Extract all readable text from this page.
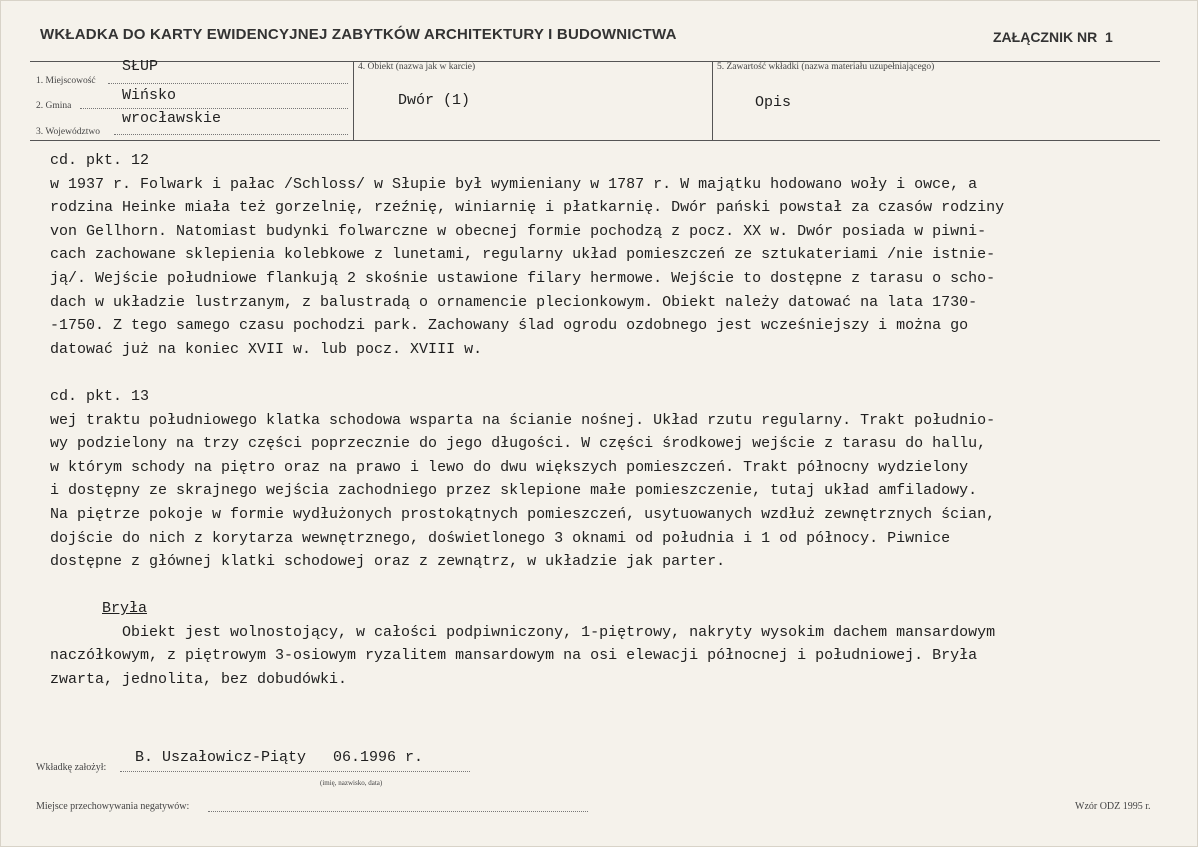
WKŁADKA DO KARTY EWIDENCYJNEJ ZABYTKÓW ARCHITEKTURY I BUDOWNICTWA	ZAŁĄCZNIK NR  1
1. Miejscowość
SŁUP
2. Gmina
Wińsko
3. Województwo
wrocławskie
4. Obiekt (nazwa jak w karcie)
Dwór (1)
5. Zawartość wkładki (nazwa materiału uzupełniającego)
Opis
cd. pkt. 12
w 1937 r. Folwark i pałac /Schloss/ w Słupie był wymieniany w 1787 r. W majątku hodowano woły i owce, a
rodzina Heinke miała też gorzelnię, rzeźnię, winiarnię i płatkarnię. Dwór pański powstał za czasów rodziny
von Gellhorn. Natomiast budynki folwarczne w obecnej formie pochodzą z pocz. XX w. Dwór posiada w piwni-
cach zachowane sklepienia kolebkowe z lunetami, regularny układ pomieszczeń ze sztukateriami /nie istnie-
ją/. Wejście południowe flankują 2 skośnie ustawione filary hermowe. Wejście to dostępne z tarasu o scho-
dach w układzie lustrzanym, z balustradą o ornamencie plecionkowym. Obiekt należy datować na lata 1730-
-1750. Z tego samego czasu pochodzi park. Zachowany ślad ogrodu ozdobnego jest wcześniejszy i można go
datować już na koniec XVII w. lub pocz. XVIII w.
cd. pkt. 13
wej traktu południowego klatka schodowa wsparta na ścianie nośnej. Układ rzutu regularny. Trakt południo-
wy podzielony na trzy części poprzecznie do jego długości. W części środkowej wejście z tarasu do hallu,
w którym schody na piętro oraz na prawo i lewo do dwu większych pomieszczeń. Trakt północny wydzielony
i dostępny ze skrajnego wejścia zachodniego przez sklepione małe pomieszczenie, tutaj układ amfiladowy.
Na piętrze pokoje w formie wydłużonych prostokątnych pomieszczeń, usytuowanych wzdłuż zewnętrznych ścian,
dojście do nich z korytarza wewnętrznego, doświetlonego 3 oknami od południa i 1 od północy. Piwnice
dostępne z głównej klatki schodowej oraz z zewnątrz, w układzie jak parter.
Bryła
Obiekt jest wolnostojący, w całości podpiwniczony, 1-piętrowy, nakryty wysokim dachem mansardowym
naczółkowym, z piętrowym 3-osiowym ryzalitem mansardowym na osi elewacji północnej i południowej. Bryła
zwarta, jednolita, bez dobudówki.
Wkładkę założył:
B. Uszałowicz-Piąty   06.1996 r.
(imię, nazwisko, data)
Miejsce przechowywania negatywów:	Wzór ODZ 1995 r.
